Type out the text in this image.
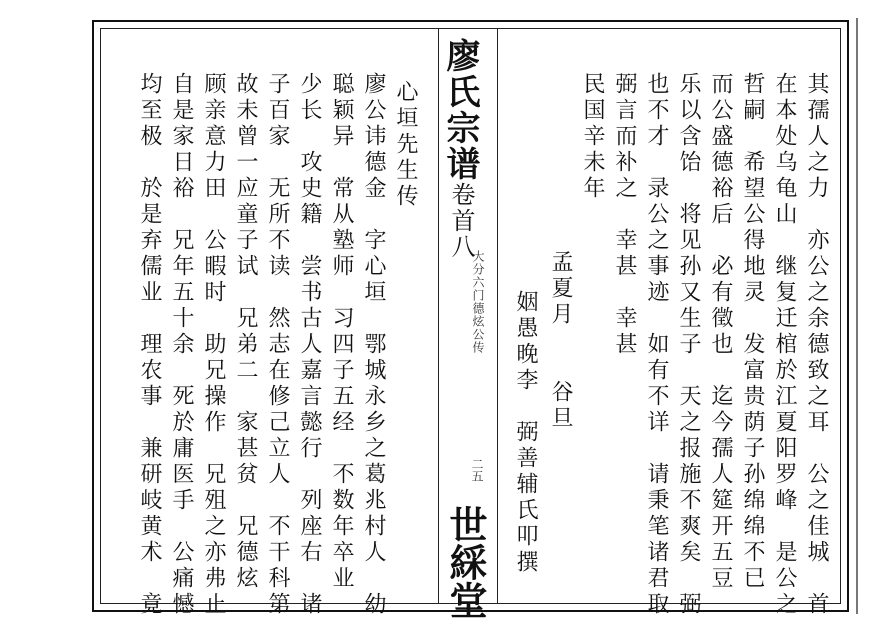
其孺人之力　亦公之余德致之耳　公之佳城　首
在本处乌龟山　继复迁棺於江夏阳罗峰　是公之
哲嗣　希望公得地灵　发富贵荫子孙绵绵不已
而公盛德裕后　必有徵也　迄今孺人筵开五豆
乐以含饴　将见孙又生子　天之报施不爽矣　弼
也不才　录公之事迹　如有不详　请秉笔诸君取
弼言而补之　幸甚　幸甚
民国辛未年
孟夏月　　谷旦
姻愚晚李　弼善辅氏叩撰
廖氏宗谱
卷首八
大分六门德炫公传
二五
世綵堂
心垣先生传
廖公讳德金　字心垣　鄂城永乡之葛兆村人　幼
聪颖异　常从塾师　习四子五经　不数年卒业
少长　攻史籍　尝书古人嘉言懿行　列座右　诸
子百家　无所不读　然志在修己立人　不干科第
故未曾一应童子试　兄弟二　家甚贫　兄德炫
顾亲意力田　公暇时　助兄操作　兄殂之亦弗止
自是家日裕　兄年五十余　死於庸医手　公痛憾
均至极　於是弃儒业　理农事　兼研岐黄术　竟
